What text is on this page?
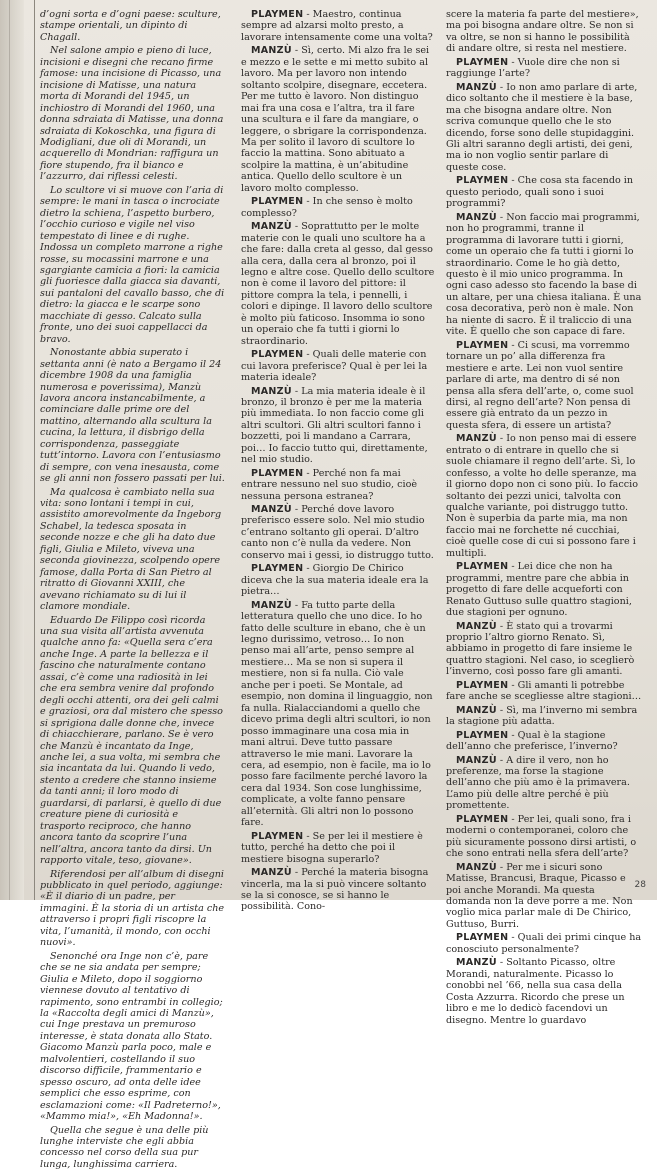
d’ogni sorta e d’ogni paese: sculture, stampe orientali, un dipinto di Chagall.

Nel salone ampio e pieno di luce, incisioni e disegni che recano firme famose: una incisione di Picasso, una incisione di Matisse, una natura morta di Morandi del 1945, un inchiostro di Morandi del 1960, una donna sdraiata di Matisse, una donna sdraiata di Kokoschka, una figura di Modigliani, due oli di Morandi, un acquerello di Mondrian: raffigura un fiore stupendo, fra il bianco e l’azzurro, dai riflessi celesti.

Lo scultore vi si muove con l’aria di sempre: le mani in tasca o incrociate dietro la schiena, l’aspetto burbero, l’occhio curioso e vigile nel viso tempestato di linee e di rughe. Indossa un completo marrone a righe rosse, su mocassini marrone e una sgargiante camicia a fiori: la camicia gli fuoriesce dalla giacca sia davanti, sui pantaloni del cavallo basso, che di dietro: la giacca e le scarpe sono macchiate di gesso. Calcato sulla fronte, uno dei suoi cappellacci da bravo.

Nonostante abbia superato i settanta anni (è nato a Bergamo il 24 dicembre 1908 da una famiglia numerosa e poverissima), Manzù lavora ancora instancabilmente, a cominciare dalle prime ore del mattino, alternando alla scultura la cucina, la lettura, il disbrigo della corrispondenza, passeggiate tutt’intorno. Lavora con l’entusiasmo di sempre, con vena inesausta, come se gli anni non fossero passati per lui.

Ma qualcosa è cambiato nella sua vita: sono lontani i tempi in cui, assistito amorevolmente da Ingeborg Schabel, la tedesca sposata in seconde nozze e che gli ha dato due figli, Giulia e Mileto, viveva una seconda giovinezza, scolpendo opere famose, dalla Porta di San Pietro al ritratto di Giovanni XXIII, che avevano richiamato su di lui il clamore mondiale.

Eduardo De Filippo così ricorda una sua visita all’artista avvenuta qualche anno fa: «Quella sera c’era anche Inge. A parte la bellezza e il fascino che naturalmente contano assai, c’è come una radiosità in lei che era sembra venire dal profondo degli occhi attenti, ora dei geli calmi e graziosi, ora dal mistero che spesso si sprigiona dalle donne che, invece di chiacchierare, parlano. Se è vero che Manzù è incantato da Inge, anche lei, a sua volta, mi sembra che sia incantata da lui. Quando li vedo, stento a credere che stanno insieme da tanti anni; il loro modo di guardarsi, di parlarsi, è quello di due creature piene di curiosità e trasporto reciproco, che hanno ancora tanto da scoprire l’una nell’altra, ancora tanto da dirsi. Un rapporto vitale, teso, giovane».

Riferendosi per all’album di disegni pubblicato in quel periodo, aggiunge: «È il diario di un padre, per immagini. È la storia di un artista che attraverso i propri figli riscopre la vita, l’umanità, il mondo, con occhi nuovi».

Senonché ora Inge non c’è, pare che se ne sia andata per sempre; Giulia e Mileto, dopo il soggiorno viennese dovuto al tentativo di rapimento, sono entrambi in collegio; la «Raccolta degli amici di Manzù», cui Inge prestava un premuroso interesse, è stata donata allo Stato. Giacomo Manzù parla poco, male e malvolentieri, costellando il suo discorso difficile, frammentario e spesso oscuro, ad onta delle idee semplici che esso esprime, con esclamazioni come: «Il Padreterno!», «Mammo mia!», «Eh Madonna!».

Quella che segue è una delle più lunghe interviste che egli abbia concesso nel corso della sua pur lunga, lunghissima carriera.

PLAYMEN - Maestro, continua sempre ad alzarsi molto presto, a lavorare intensamente come una volta?

MANZÙ - Sì, certo. Mi alzo fra le sei e mezzo e le sette e mi metto subito al lavoro. Ma per lavoro non intendo soltanto scolpire, disegnare, eccetera. Per me tutto è lavoro. Non distinguo mai fra una cosa e l’altra, tra il fare una scultura e il fare da mangiare, o leggere, o sbrigare la corrispondenza. Ma per solito il lavoro di scultore lo faccio la mattina. Sono abituato a scolpire la mattina, è un’abitudine antica. Quello dello scultore è un lavoro molto complesso.

PLAYMEN - In che senso è molto complesso?

MANZÙ - Soprattutto per le molte materie con le quali uno scultore ha a che fare: dalla creta al gesso, dal gesso alla cera, dalla cera al bronzo, poi il legno e altre cose. Quello dello scultore non è come il lavoro del pittore: il pittore compra la tela, i pennelli, i colori e dipinge. Il lavoro dello scultore è molto più faticoso. Insomma io sono un operaio che fa tutti i giorni lo straordinario.

PLAYMEN - Quali delle materie con cui lavora preferisce? Qual è per lei la materia ideale?

MANZÙ - La mia materia ideale è il bronzo, il bronzo è per me la materia più immediata. Io non faccio come gli altri scultori. Gli altri scultori fanno i bozzetti, poi li mandano a Carrara, poi… Io faccio tutto qui, direttamente, nel mio studio.

PLAYMEN - Perché non fa mai entrare nessuno nel suo studio, cioè nessuna persona estranea?

MANZÙ - Perché dove lavoro preferisco essere solo. Nel mio studio c’entrano soltanto gli operai. D’altro canto non c’è nulla da vedere. Non conservo mai i gessi, io distruggo tutto.

PLAYMEN - Giorgio De Chirico diceva che la sua materia ideale era la pietra…

MANZÙ - Fa tutto parte della letteratura quello che uno dice. Io ho fatto delle sculture in ebano, che è un legno durissimo, vetroso… Io non penso mai all’arte, penso sempre al mestiere… Ma se non si supera il mestiere, non si fa nulla. Ciò vale anche per i poeti. Se Montale, ad esempio, non domina il linguaggio, non fa nulla. Rialacciandomi a quello che dicevo prima degli altri scultori, io non posso immaginare una cosa mia in mani altrui. Deve tutto passare attraverso le mie mani. Lavorare la cera, ad esempio, non è facile, ma io lo posso fare facilmente perché lavoro la cera dal 1934. Son cose lunghissime, complicate, a volte fanno pensare all’eternità. Gli altri non lo possono fare.

PLAYMEN - Se per lei il mestiere è tutto, perché ha detto che poi il mestiere bisogna superarlo?

MANZÙ - Perché la materia bisogna vincerla, ma la si può vincere soltanto se la si conosce, se si hanno le possibilità. Cono-

scere la materia fa parte del mestiere», ma poi bisogna andare oltre. Se non si va oltre, se non si hanno le possibilità di andare oltre, si resta nel mestiere.

PLAYMEN - Vuole dire che non si raggiunge l’arte?

MANZÙ - Io non amo parlare di arte, dico soltanto che il mestiere è la base, ma che bisogna andare oltre. Non scriva comunque quello che le sto dicendo, forse sono delle stupidaggini. Gli altri saranno degli artisti, dei geni, ma io non voglio sentir parlare di queste cose.

PLAYMEN - Che cosa sta facendo in questo periodo, quali sono i suoi programmi?

MANZÙ - Non faccio mai programmi, non ho programmi, tranne il programma di lavorare tutti i giorni, come un operaio che fa tutti i giorni lo straordinario. Come le ho già detto, questo è il mio unico programma. In ogni caso adesso sto facendo la base di un altare, per una chiesa italiana. È una cosa decorativa, però non è male. Non ha niente di sacro. È il traliccio di una vite. È quello che son capace di fare.

PLAYMEN - Ci scusi, ma vorremmo tornare un po’ alla differenza fra mestiere e arte. Lei non vuol sentire parlare di arte, ma dentro di sé non pensa alla sfera dell’arte, o, come suol dirsi, al regno dell’arte? Non pensa di essere già entrato da un pezzo in questa sfera, di essere un artista?

MANZÙ - Io non penso mai di essere entrato o di entrare in quello che si suole chiamare il regno dell’arte. Sì, lo confesso, a volte ho delle speranze, ma il giorno dopo non ci sono più. Io faccio soltanto dei pezzi unici, talvolta con qualche variante, poi distruggo tutto. Non è superbia da parte mia, ma non faccio mai ne forchette né cucchiai, cioè quelle cose di cui si possono fare i multipli.

PLAYMEN - Lei dice che non ha programmi, mentre pare che abbia in progetto di fare delle acqueforti con Renato Guttuso sulle quattro stagioni, due stagioni per ognuno.

MANZÙ - È stato qui a trovarmi proprio l’altro giorno Renato. Sì, abbiamo in progetto di fare insieme le quattro stagioni. Nel caso, io sceglierò l’inverno, così posso fare gli amanti.

PLAYMEN - Gli amanti li potrebbe fare anche se scegliesse altre stagioni…

MANZÙ - Sì, ma l’inverno mi sembra la stagione più adatta.

PLAYMEN - Qual è la stagione dell’anno che preferisce, l’inverno?

MANZÙ - A dire il vero, non ho preferenze, ma forse la stagione dell’anno che più amo è la primavera. L’amo più delle altre perché è più promettente.

PLAYMEN - Per lei, quali sono, fra i moderni o contemporanei, coloro che più sicuramente possono dirsi artisti, o che sono entrati nella sfera dell’arte?

MANZÙ - Per me i sicuri sono Matisse, Brancusi, Braque, Picasso e poi anche Morandi. Ma questa domanda non la deve porre a me. Non voglio mica parlar male di De Chirico, Guttuso, Burri.

PLAYMEN - Quali dei primi cinque ha conosciuto personalmente?

MANZÙ - Soltanto Picasso, oltre Morandi, naturalmente. Picasso lo conobbi nel ’66, nella sua casa della Costa Azzurra. Ricordo che prese un libro e me lo dedicò facendovi un disegno. Mentre lo guardavo

28
